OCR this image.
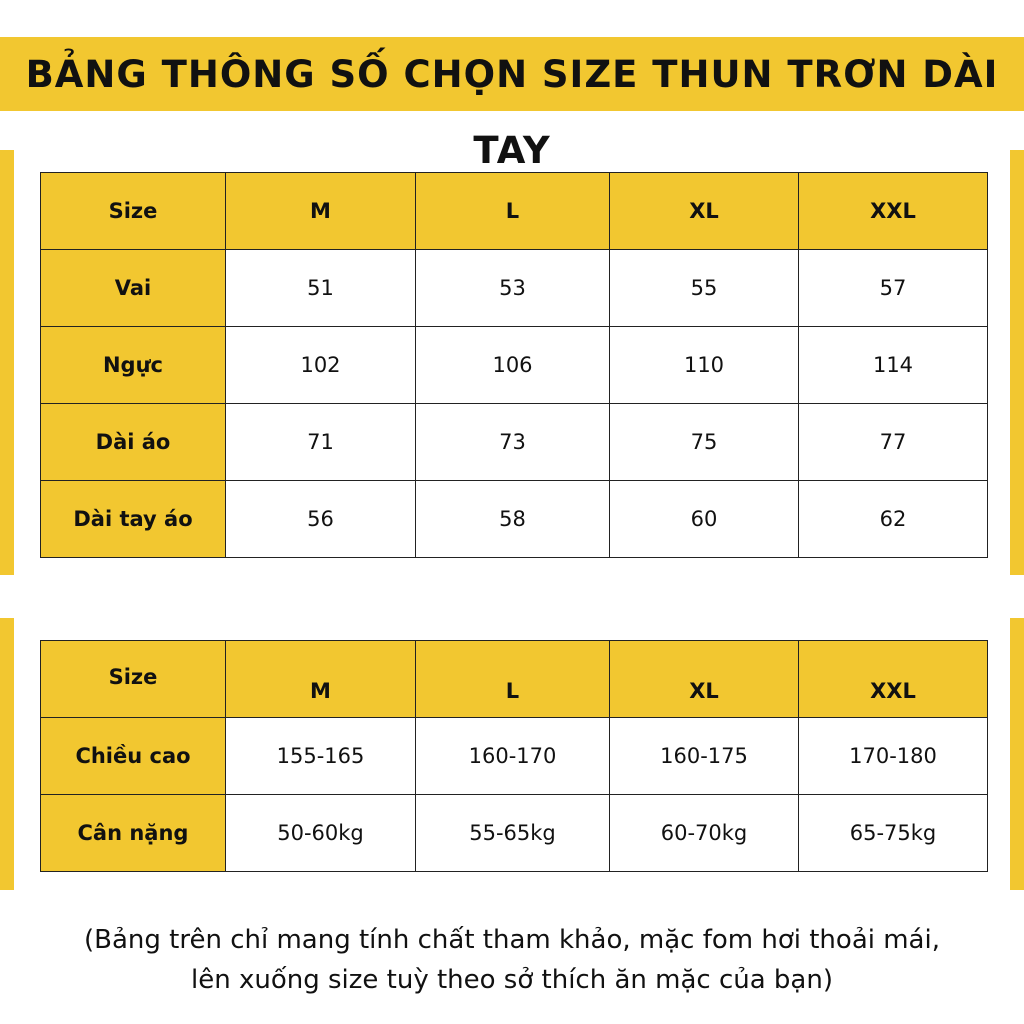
BẢNG THÔNG SỐ CHỌN SIZE THUN TRƠN DÀI TAY
Size	M	L	XL	XXL
Vai	51	53	55	57
Ngực	102	106	110	114
Dài áo	71	73	75	77
Dài tay áo	56	58	60	62
Size	M	L	XL	XXL
Chiều cao	155-165	160-170	160-175	170-180
Cân nặng	50-60kg	55-65kg	60-70kg	65-75kg
(Bảng trên chỉ mang tính chất tham khảo, mặc fom hơi thoải mái,
lên xuống size tuỳ theo sở thích ăn mặc của bạn)
